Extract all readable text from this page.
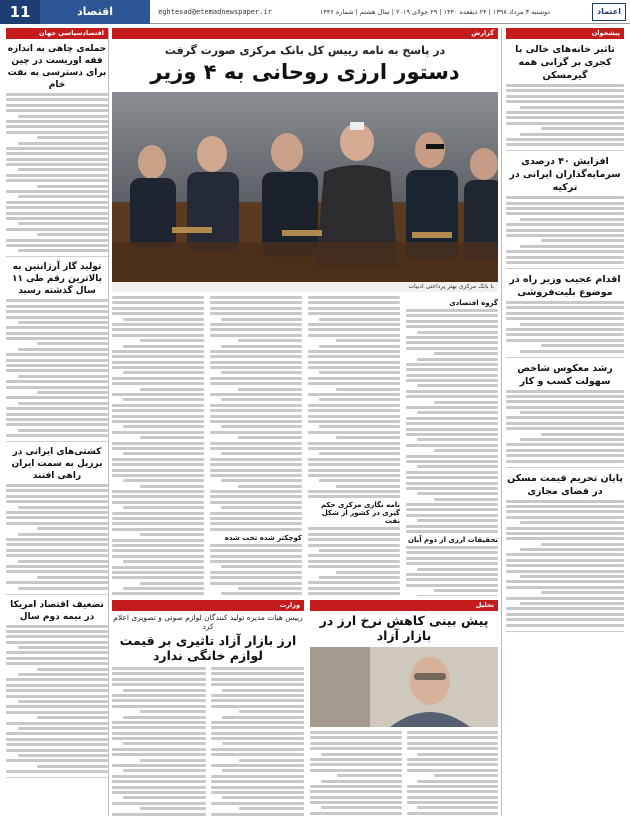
11	اقتصاد	eghtesad@etemadnewspaper.ir	دوشنبه ۳ مرداد ۱۳۹۸ | ۲۴ ذیقعده ۱۴۴۰ | ۲۹ جولای ۲۰۱۹ | سال هشتم | شماره ۱۴۴۶	اعتماد
پیشخوان
تاثیر خانه‌های خالی با کجری بر گرانی همه گیرمسکن
افزایش ۴۰ درصدی سرمایه‌گذاران ایرانی در ترکیه
اقدام عجیب وزیر راه در موضوع بلیت‌فروشی
رشد معکوس شاخص سهولت کسب و کار
پایان تحریم قیمت مسکن در فضای مجازی
گزارش
در پاسخ به نامه رییس کل بانک مرکزی صورت گرفت
دستور ارزی روحانی به ۴ وزیر
با بانک مرکزی بهتر پرداختی ادبیات
گروه اقتصادی
تحقیقات ارزی از دوم آبان
نامه نگاری مرکزی حکم گیری در کشور از شکل نفت
کوچکتر شده تخت شده
تحلیل
پیش بینی کاهش نرخ ارز در بازار آزاد
وزارت
رییس هیات مدیره تولید کنندگان لوازم صوتی و تصویری اعلام کرد
ارز بازار آزاد تاثیری بر قیمت لوازم خانگی ندارد
اقتصادسیاسی جهان
حمله‌ی چاهی به اندازه فقه اوریست در چین برای دسترسی به نفت خام
تولید گاز آرژانتین به بالاترین رقم طی ۱۱ سال گذشته رسید
کشتی‌های ایرانی در برزیل به سمت ایران راهی افتند
تضعیف اقتصاد امریکا در نیمه دوم سال
